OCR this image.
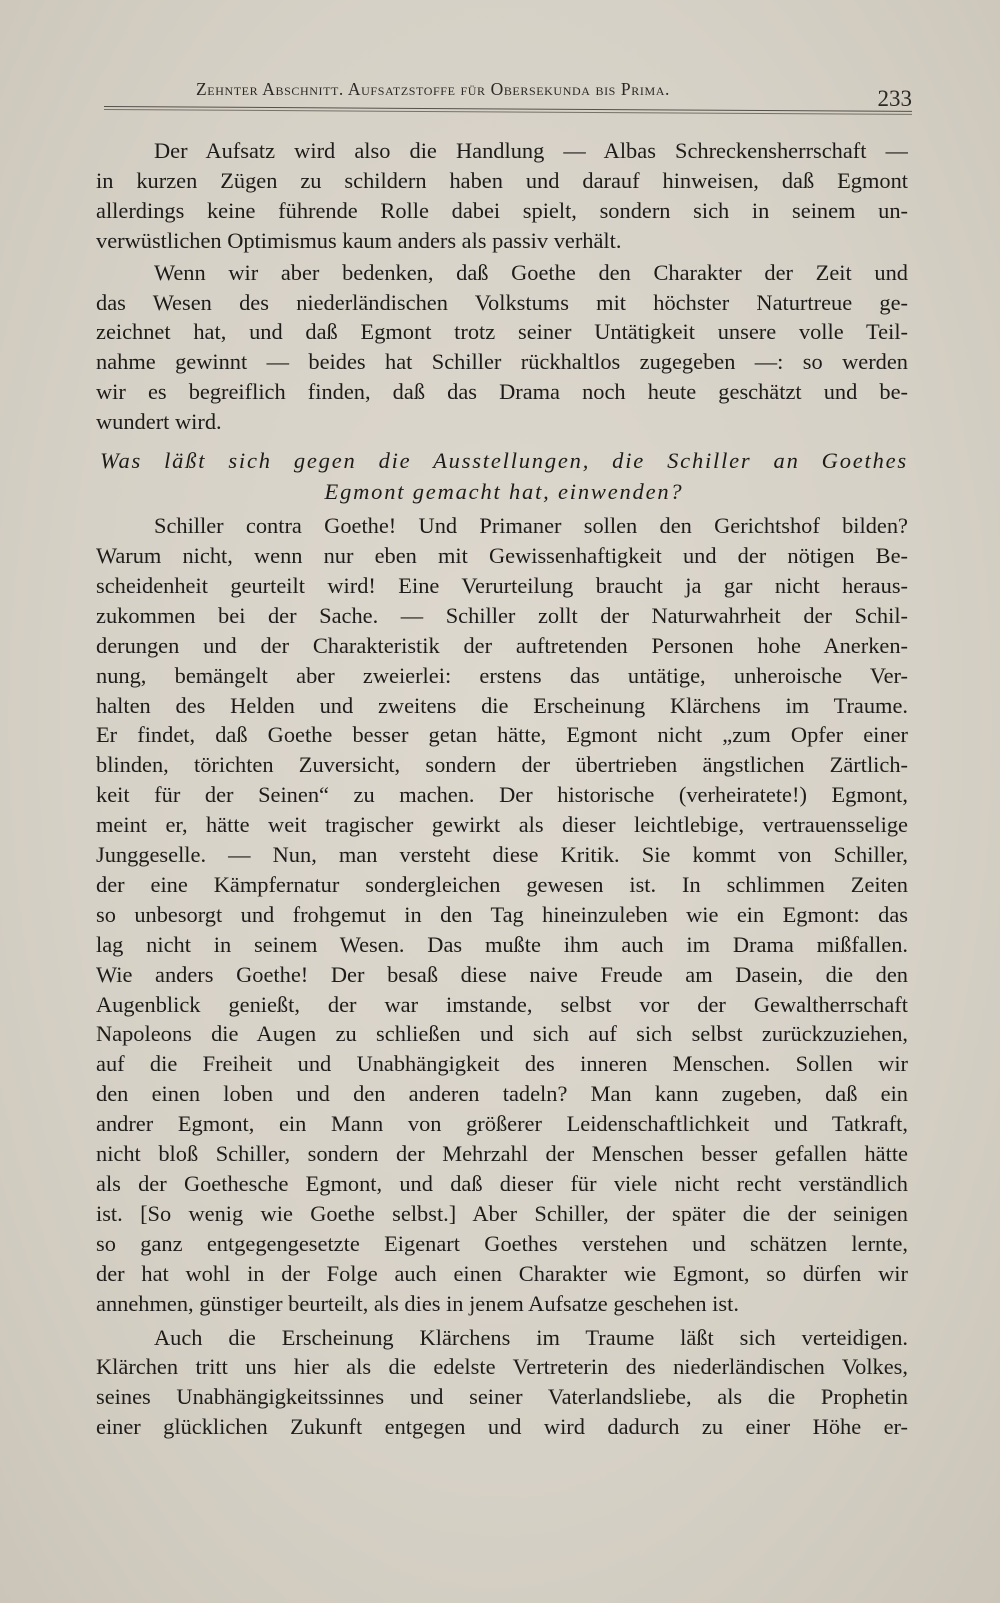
Zehnter Abschnitt. Aufsatzstoffe für Obersekunda bis Prima.	233
Der Aufsatz wird also die Handlung — Albas Schreckensherrschaft —
in kurzen Zügen zu schildern haben und darauf hinweisen, daß Egmont
allerdings keine führende Rolle dabei spielt, sondern sich in seinem un-
verwüstlichen Optimismus kaum anders als passiv verhält.
Wenn wir aber bedenken, daß Goethe den Charakter der Zeit und
das Wesen des niederländischen Volkstums mit höchster Naturtreue ge-
zeichnet hat, und daß Egmont trotz seiner Untätigkeit unsere volle Teil-
nahme gewinnt — beides hat Schiller rückhaltlos zugegeben —: so werden
wir es begreiflich finden, daß das Drama noch heute geschätzt und be-
wundert wird.
Was läßt sich gegen die Ausstellungen, die Schiller an Goethes
Egmont gemacht hat, einwenden?
Schiller contra Goethe! Und Primaner sollen den Gerichtshof bilden?
Warum nicht, wenn nur eben mit Gewissenhaftigkeit und der nötigen Be-
scheidenheit geurteilt wird! Eine Verurteilung braucht ja gar nicht heraus-
zukommen bei der Sache. — Schiller zollt der Naturwahrheit der Schil-
derungen und der Charakteristik der auftretenden Personen hohe Anerken-
nung, bemängelt aber zweierlei: erstens das untätige, unheroische Ver-
halten des Helden und zweitens die Erscheinung Klärchens im Traume.
Er findet, daß Goethe besser getan hätte, Egmont nicht „zum Opfer einer
blinden, törichten Zuversicht, sondern der übertrieben ängstlichen Zärtlich-
keit für der Seinen“ zu machen. Der historische (verheiratete!) Egmont,
meint er, hätte weit tragischer gewirkt als dieser leichtlebige, vertrauensselige
Junggeselle. — Nun, man versteht diese Kritik. Sie kommt von Schiller,
der eine Kämpfernatur sondergleichen gewesen ist. In schlimmen Zeiten
so unbesorgt und frohgemut in den Tag hineinzuleben wie ein Egmont: das
lag nicht in seinem Wesen. Das mußte ihm auch im Drama mißfallen.
Wie anders Goethe! Der besaß diese naive Freude am Dasein, die den
Augenblick genießt, der war imstande, selbst vor der Gewaltherrschaft
Napoleons die Augen zu schließen und sich auf sich selbst zurückzuziehen,
auf die Freiheit und Unabhängigkeit des inneren Menschen. Sollen wir
den einen loben und den anderen tadeln? Man kann zugeben, daß ein
andrer Egmont, ein Mann von größerer Leidenschaftlichkeit und Tatkraft,
nicht bloß Schiller, sondern der Mehrzahl der Menschen besser gefallen hätte
als der Goethesche Egmont, und daß dieser für viele nicht recht verständlich
ist. [So wenig wie Goethe selbst.] Aber Schiller, der später die der seinigen
so ganz entgegengesetzte Eigenart Goethes verstehen und schätzen lernte,
der hat wohl in der Folge auch einen Charakter wie Egmont, so dürfen wir
annehmen, günstiger beurteilt, als dies in jenem Aufsatze geschehen ist.
Auch die Erscheinung Klärchens im Traume läßt sich verteidigen.
Klärchen tritt uns hier als die edelste Vertreterin des niederländischen Volkes,
seines Unabhängigkeitssinnes und seiner Vaterlandsliebe, als die Prophetin
einer glücklichen Zukunft entgegen und wird dadurch zu einer Höhe er-
